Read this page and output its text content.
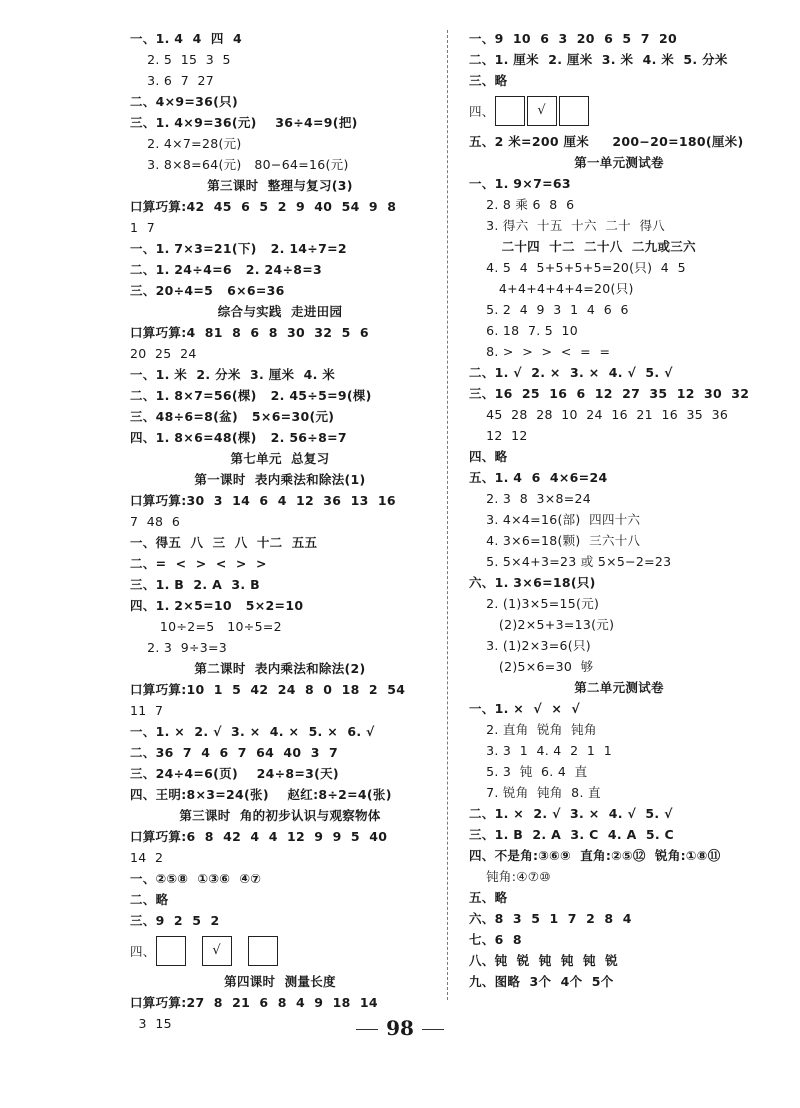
一、1. 4  4  四  4
2. 5  15  3  5
3. 6  7  27
二、4×9=36(只)
三、1. 4×9=36(元)    36÷4=9(把)
2. 4×7=28(元)
3. 8×8=64(元)   80−64=16(元)
第三课时  整理与复习(3)
口算巧算:42  45  6  5  2  9  40  54  9  8
1  7
一、1. 7×3=21(下)   2. 14÷7=2
二、1. 24÷4=6   2. 24÷8=3
三、20÷4=5   6×6=36
综合与实践  走进田园
口算巧算:4  81  8  6  8  30  32  5  6
20  25  24
一、1. 米  2. 分米  3. 厘米  4. 米
二、1. 8×7=56(棵)   2. 45÷5=9(棵)
三、48÷6=8(盆)   5×6=30(元)
四、1. 8×6=48(棵)   2. 56÷8=7
第七单元  总复习
第一课时  表内乘法和除法(1)
口算巧算:30  3  14  6  4  12  36  13  16
7  48  6
一、得五  八  三  八  十二  五五
二、=  <  >  <  >  >
三、1. B  2. A  3. B
四、1. 2×5=10   5×2=10
10÷2=5   10÷5=2
2. 3  9÷3=3
第二课时  表内乘法和除法(2)
口算巧算:10  1  5  42  24  8  0  18  2  54
11  7
一、1. ×  2. √  3. ×  4. ×  5. ×  6. √
二、36  7  4  6  7  64  40  3  7
三、24÷4=6(页)    24÷8=3(天)
四、王明:8×3=24(张)    赵红:8÷2=4(张)
第三课时  角的初步认识与观察物体
口算巧算:6  8  42  4  4  12  9  9  5  40
14  2
一、②⑤⑧  ①③⑥  ④⑦
二、略
三、9  2  5  2
四、	√
第四课时  测量长度
口算巧算:27  8  21  6  8  4  9  18  14
3  15
一、9  10  6  3  20  6  5  7  20
二、1. 厘米  2. 厘米  3. 米  4. 米  5. 分米
三、略
四、	√
五、2 米=200 厘米     200−20=180(厘米)
第一单元测试卷
一、1. 9×7=63
2. 8 乘 6  8  6
3. 得六  十五  十六  二十  得八
二十四  十二  二十八  二九或三六
4. 5  4  5+5+5+5=20(只)  4  5
4+4+4+4+4=20(只)
5. 2  4  9  3  1  4  6  6
6. 18  7. 5  10
8. >  >  >  <  =  =
二、1. √  2. ×  3. ×  4. √  5. √
三、16  25  16  6  12  27  35  12  30  32
45  28  28  10  24  16  21  16  35  36
12  12
四、略
五、1. 4  6  4×6=24
2. 3  8  3×8=24
3. 4×4=16(部)  四四十六
4. 3×6=18(颗)  三六十八
5. 5×4+3=23 或 5×5−2=23
六、1. 3×6=18(只)
2. (1)3×5=15(元)
(2)2×5+3=13(元)
3. (1)2×3=6(只)
(2)5×6=30  够
第二单元测试卷
一、1. ×  √  ×  √
2. 直角  锐角  钝角
3. 3  1  4. 4  2  1  1
5. 3  钝  6. 4  直
7. 锐角  钝角  8. 直
二、1. ×  2. √  3. ×  4. √  5. √
三、1. B  2. A  3. C  4. A  5. C
四、不是角:③⑥⑨  直角:②⑤⑫  锐角:①⑧⑪
钝角:④⑦⑩
五、略
六、8  3  5  1  7  2  8  4
七、6  8
八、钝  锐  钝  钝  钝  锐
九、图略  3个  4个  5个
98
